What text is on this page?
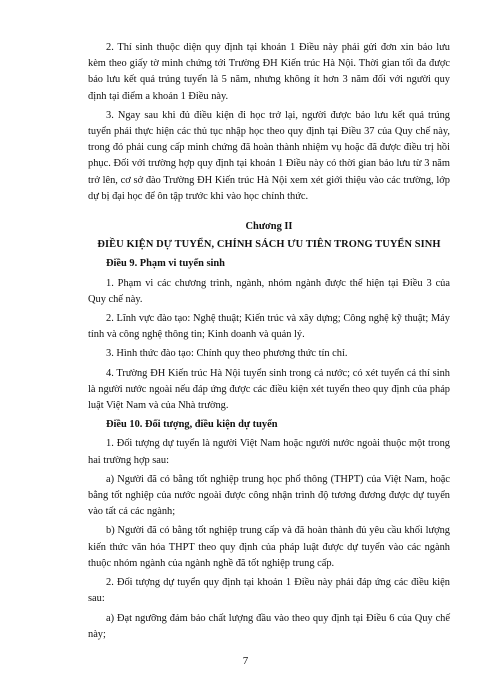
2. Thí sinh thuộc diện quy định tại khoản 1 Điều này phải gửi đơn xin bảo lưu kèm theo giấy tờ minh chứng tới Trường ĐH Kiến trúc Hà Nội. Thời gian tối đa được bảo lưu kết quả trúng tuyển là 5 năm, nhưng không ít hơn 3 năm đối với người quy định tại điểm a khoản 1 Điều này.

3. Ngay sau khi đủ điều kiện đi học trở lại, người được bảo lưu kết quả trúng tuyển phải thực hiện các thủ tục nhập học theo quy định tại Điều 37 của Quy chế này, trong đó phải cung cấp minh chứng đã hoàn thành nhiệm vụ hoặc đã được điều trị hồi phục. Đối với trường hợp quy định tại khoản 1 Điều này có thời gian bảo lưu từ 3 năm trở lên, cơ sở đào Trường ĐH Kiến trúc Hà Nội xem xét giới thiệu vào các trường, lớp dự bị đại học để ôn tập trước khi vào học chính thức.

Chương II

ĐIỀU KIỆN DỰ TUYỂN, CHÍNH SÁCH ƯU TIÊN TRONG TUYỂN SINH

Điều 9. Phạm vi tuyển sinh

1. Phạm vi các chương trình, ngành, nhóm ngành được thể hiện tại Điều 3 của Quy chế này.

2. Lĩnh vực đào tạo: Nghệ thuật; Kiến trúc và xây dựng; Công nghệ kỹ thuật; Máy tính và công nghệ thông tin; Kinh doanh và quản lý.

3. Hình thức đào tạo: Chính quy theo phương thức tín chỉ.

4. Trường ĐH Kiến trúc Hà Nội tuyển sinh trong cả nước; có xét tuyển cả thí sinh là người nước ngoài nếu đáp ứng được các điều kiện xét tuyển theo quy định của pháp luật Việt Nam và của Nhà trường.

Điều 10. Đối tượng, điều kiện dự tuyển

1. Đối tượng dự tuyển là người Việt Nam hoặc người nước ngoài thuộc một trong hai trường hợp sau:

a) Người đã có bằng tốt nghiệp trung học phổ thông (THPT) của Việt Nam, hoặc bằng tốt nghiệp của nước ngoài được công nhận trình độ tương đương được dự tuyển vào tất cả các ngành;

b) Người đã có bằng tốt nghiệp trung cấp và đã hoàn thành đủ yêu cầu khối lượng kiến thức văn hóa THPT theo quy định của pháp luật được dự tuyển vào các ngành thuộc nhóm ngành của ngành nghề đã tốt nghiệp trung cấp.

2. Đối tượng dự tuyển quy định tại khoản 1 Điều này phải đáp ứng các điều kiện sau:

a) Đạt ngưỡng đảm bảo chất lượng đầu vào theo quy định tại Điều 6 của Quy chế này;

7
